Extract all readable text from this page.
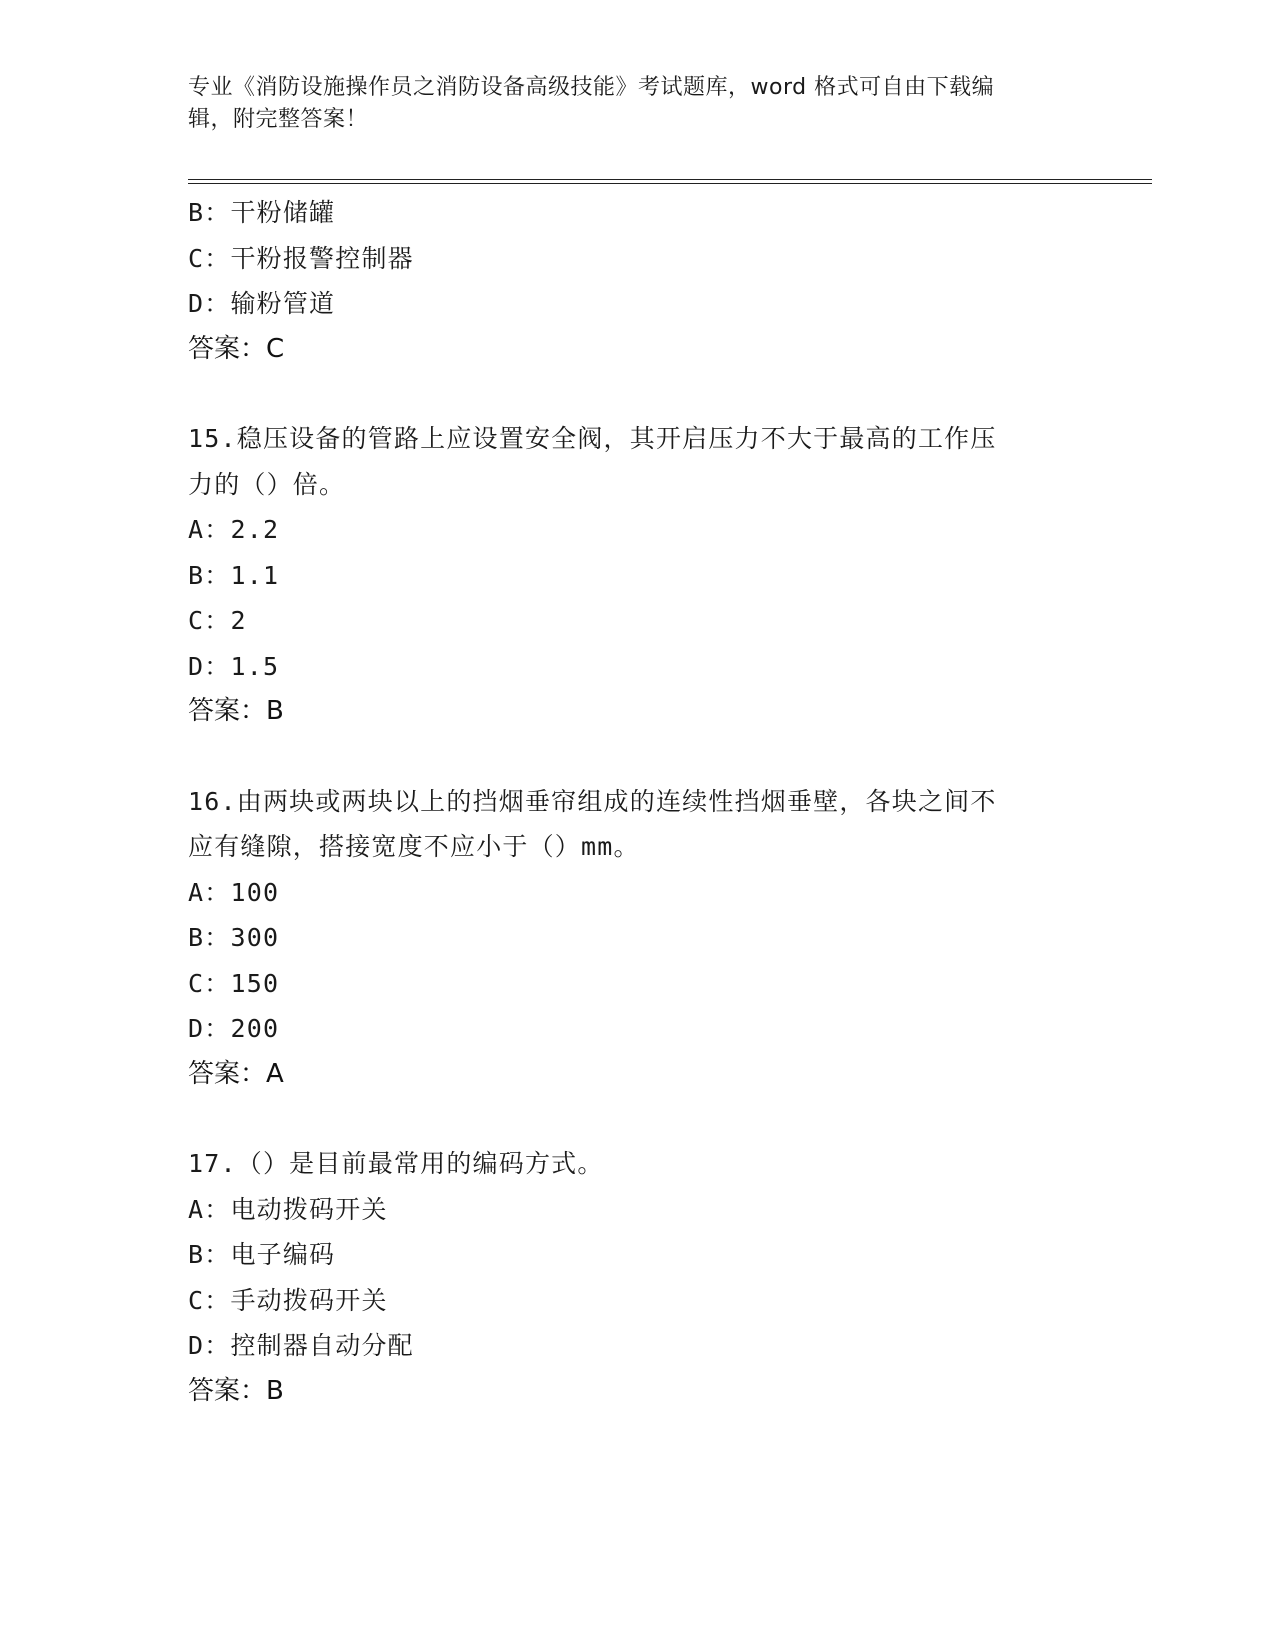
专业《消防设施操作员之消防设备高级技能》考试题库，word 格式可自由下载编
辑，附完整答案！
B：干粉储罐
C：干粉报警控制器
D：输粉管道
答案：C
15.稳压设备的管路上应设置安全阀，其开启压力不大于最高的工作压
力的（）倍。
A：2.2
B：1.1
C：2
D：1.5
答案：B
16.由两块或两块以上的挡烟垂帘组成的连续性挡烟垂壁，各块之间不
应有缝隙，搭接宽度不应小于（）mm。
A：100
B：300
C：150
D：200
答案：A
17.（）是目前最常用的编码方式。
A：电动拨码开关
B：电子编码
C：手动拨码开关
D：控制器自动分配
答案：B
